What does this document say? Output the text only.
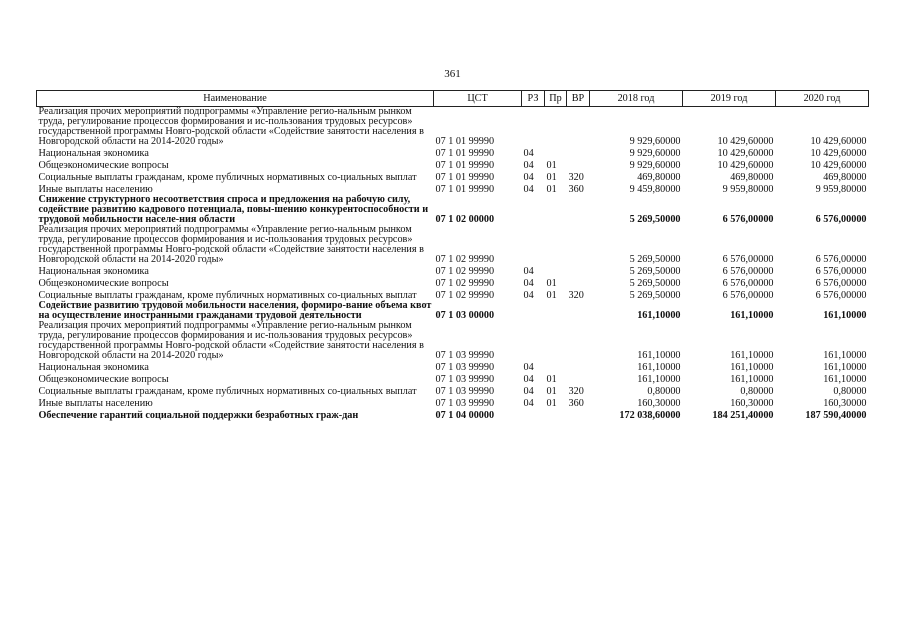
361
Наименование	ЦСТ	РЗ	Пр	ВР	2018 год	2019 год	2020 год
Реализация прочих мероприятий подпрограммы «Управление регио-нальным рынком труда, регулирование процессов формирования и ис-пользования трудовых ресурсов» государственной программы Новго-родской области «Содействие занятости населения в Новгородской области на 2014-2020 годы»	07 1 01 99990				9 929,60000	10 429,60000	10 429,60000
Национальная экономика	07 1 01 99990	04			9 929,60000	10 429,60000	10 429,60000
Общеэкономические вопросы	07 1 01 99990	04	01		9 929,60000	10 429,60000	10 429,60000
Социальные выплаты гражданам, кроме публичных нормативных со-циальных выплат	07 1 01 99990	04	01	320	469,80000	469,80000	469,80000
Иные выплаты населению	07 1 01 99990	04	01	360	9 459,80000	9 959,80000	9 959,80000
Снижение структурного несоответствия спроса и предложения на рабочую силу, содействие развитию кадрового потенциала, повы-шению конкурентоспособности и трудовой мобильности населе-ния области	07 1 02 00000				5 269,50000	6 576,00000	6 576,00000
Реализация прочих мероприятий подпрограммы «Управление регио-нальным рынком труда, регулирование процессов формирования и ис-пользования трудовых ресурсов» государственной программы Новго-родской области «Содействие занятости населения в Новгородской области на 2014-2020 годы»	07 1 02 99990				5 269,50000	6 576,00000	6 576,00000
Национальная экономика	07 1 02 99990	04			5 269,50000	6 576,00000	6 576,00000
Общеэкономические вопросы	07 1 02 99990	04	01		5 269,50000	6 576,00000	6 576,00000
Социальные выплаты гражданам, кроме публичных нормативных со-циальных выплат	07 1 02 99990	04	01	320	5 269,50000	6 576,00000	6 576,00000
Содействие развитию трудовой мобильности населения, формиро-вание объема квот на осуществление иностранными гражданами трудовой деятельности	07 1 03 00000				161,10000	161,10000	161,10000
Реализация прочих мероприятий подпрограммы «Управление регио-нальным рынком труда, регулирование процессов формирования и ис-пользования трудовых ресурсов» государственной программы Новго-родской области «Содействие занятости населения в Новгородской области на 2014-2020 годы»	07 1 03 99990				161,10000	161,10000	161,10000
Национальная экономика	07 1 03 99990	04			161,10000	161,10000	161,10000
Общеэкономические вопросы	07 1 03 99990	04	01		161,10000	161,10000	161,10000
Социальные выплаты гражданам, кроме публичных нормативных со-циальных выплат	07 1 03 99990	04	01	320	0,80000	0,80000	0,80000
Иные выплаты населению	07 1 03 99990	04	01	360	160,30000	160,30000	160,30000
Обеспечение гарантий социальной поддержки безработных граж-дан	07 1 04 00000				172 038,60000	184 251,40000	187 590,40000
